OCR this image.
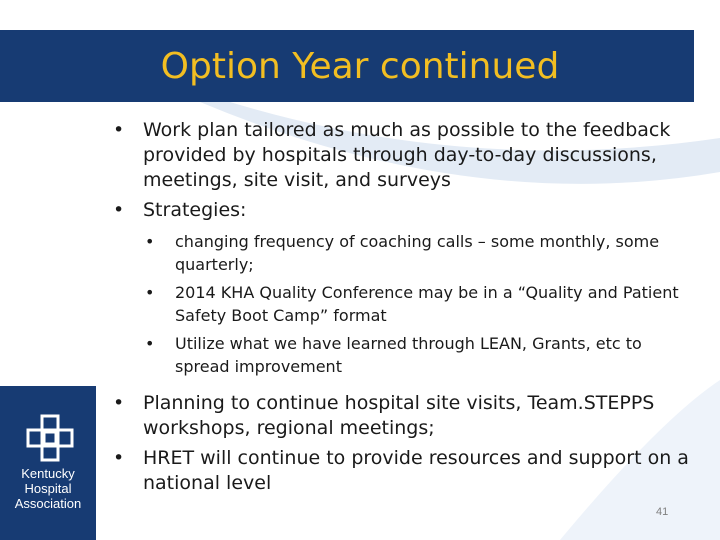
Option Year continued
Kentucky
Hospital
Association
• Work plan tailored as much as possible to the feedback provided by hospitals through day-to-day discussions, meetings, site visit, and surveys
• Strategies:
• changing frequency of coaching calls – some monthly, some quarterly;
• 2014 KHA Quality Conference may be in a “Quality and Patient Safety Boot Camp” format
• Utilize what we have learned through LEAN, Grants, etc to spread improvement
• Planning to continue hospital site visits, Team.STEPPS workshops, regional meetings;
• HRET will continue to provide resources and support on a national level
41
